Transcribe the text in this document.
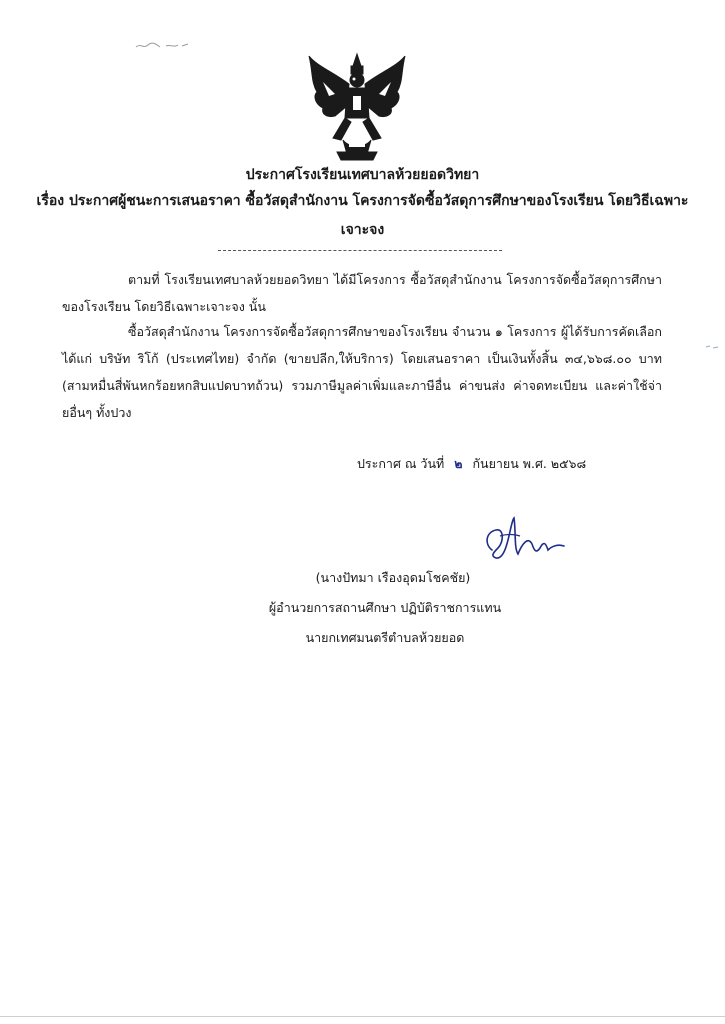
ประกาศโรงเรียนเทศบาลห้วยยอดวิทยา
เรื่อง ประกาศผู้ชนะการเสนอราคา ซื้อวัสดุสำนักงาน โครงการจัดซื้อวัสดุการศึกษาของโรงเรียน โดยวิธีเฉพาะ
เจาะจง
ตามที่ โรงเรียนเทศบาลห้วยยอดวิทยา ได้มีโครงการ ซื้อวัสดุสำนักงาน โครงการจัดซื้อวัสดุการศึกษาของโรงเรียน โดยวิธีเฉพาะเจาะจง นั้น
ซื้อวัสดุสำนักงาน โครงการจัดซื้อวัสดุการศึกษาของโรงเรียน จำนวน ๑ โครงการ ผู้ได้รับการคัดเลือก ได้แก่ บริษัท ริโก้ (ประเทศไทย) จำกัด (ขายปลีก,ให้บริการ) โดยเสนอราคา เป็นเงินทั้งสิ้น ๓๔,๖๖๘.๐๐ บาท (สามหมื่นสี่พันหกร้อยหกสิบแปดบาทถ้วน) รวมภาษีมูลค่าเพิ่มและภาษีอื่น ค่าขนส่ง ค่าจดทะเบียน และค่าใช้จ่ายอื่นๆ ทั้งปวง
ประกาศ ณ วันที่ ๒ กันยายน พ.ศ. ๒๕๖๘
(นางปัทมา เรืองอุดมโชคชัย)
ผู้อำนวยการสถานศึกษา ปฏิบัติราชการแทน
นายกเทศมนตรีตำบลห้วยยอด
